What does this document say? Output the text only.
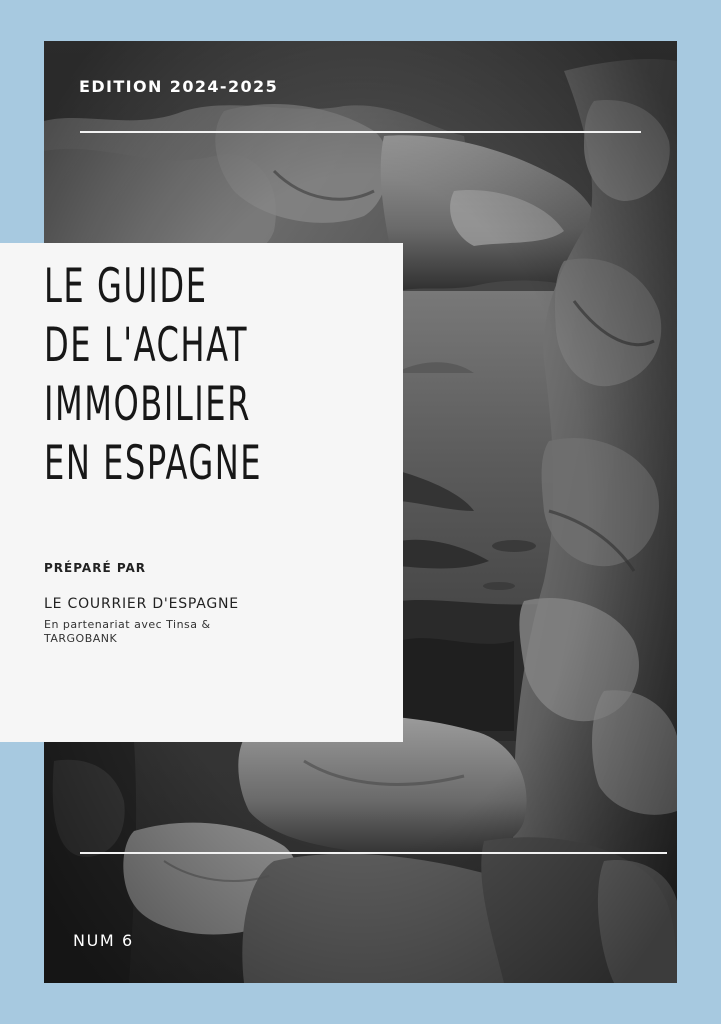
EDITION 2024-2025
LE GUIDE
DE L'ACHAT
IMMOBILIER
EN ESPAGNE
PRÉPARÉ PAR
LE COURRIER D'ESPAGNE
En partenariat avec Tinsa & TARGOBANK
NUM 6
